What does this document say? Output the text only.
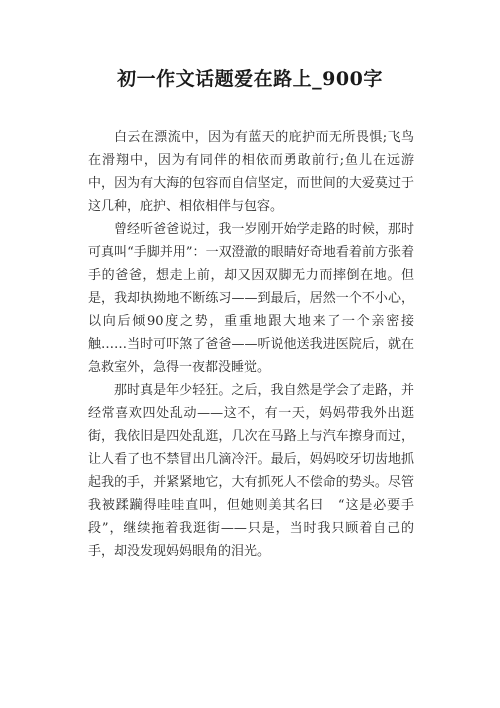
初一作文话题爱在路上_900字

白云在漂流中，因为有蓝天的庇护而无所畏惧;飞鸟在滑翔中，因为有同伴的相依而勇敢前行;鱼儿在远游中，因为有大海的包容而自信坚定，而世间的大爱莫过于这几种，庇护、相依相伴与包容。

曾经听爸爸说过，我一岁刚开始学走路的时候，那时可真叫“手脚并用”：一双澄澈的眼睛好奇地看着前方张着手的爸爸，想走上前，却又因双脚无力而摔倒在地。但是，我却执拗地不断练习——到最后，居然一个不小心，以向后倾90度之势，重重地跟大地来了一个亲密接触……当时可吓煞了爸爸——听说他送我进医院后，就在急救室外，急得一夜都没睡觉。

那时真是年少轻狂。之后，我自然是学会了走路，并经常喜欢四处乱动——这不，有一天，妈妈带我外出逛街，我依旧是四处乱逛，几次在马路上与汽车擦身而过，让人看了也不禁冒出几滴冷汗。最后，妈妈咬牙切齿地抓起我的手，并紧紧地它，大有抓死人不偿命的势头。尽管我被蹂躏得哇哇直叫，但她则美其名曰　“这是必要手段”，继续拖着我逛街——只是，当时我只顾着自己的手，却没发现妈妈眼角的泪光。
